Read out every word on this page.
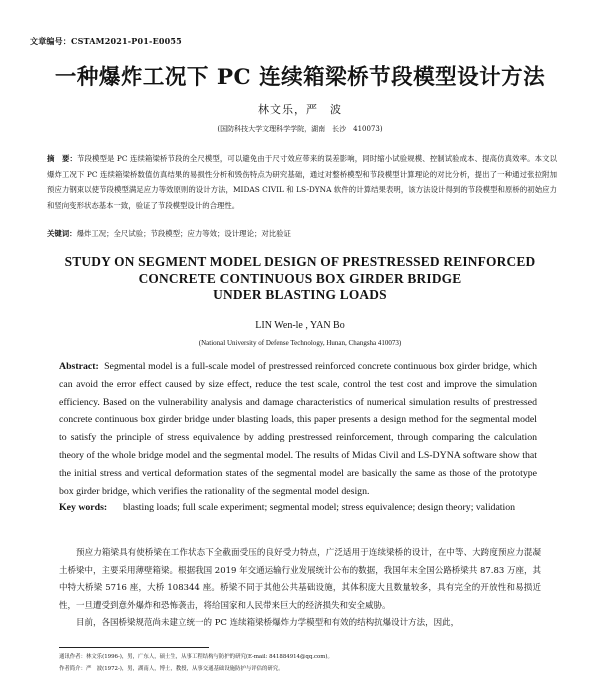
文章编号：CSTAM2021-P01-E0055
一种爆炸工况下 PC 连续箱梁桥节段模型设计方法
林文乐，严　波
(国防科技大学文理科学学院，湖南　长沙　410073)
摘　要：节段模型是 PC 连续箱梁桥节段的全尺模型，可以避免由于尺寸效应带来的误差影响，同时缩小试验规模、控制试验成本、提高仿真效率。本文以爆炸工况下 PC 连续箱梁桥数值仿真结果的易损性分析和毁伤特点为研究基础，通过对整桥模型和节段模型计算理论的对比分析，提出了一种通过张拉附加预应力钢束以使节段模型满足应力等效原则的设计方法，MIDAS CIVIL 和 LS-DYNA 软件的计算结果表明，该方法设计得到的节段模型和原桥的初始应力和竖向变形状态基本一致，验证了节段模型设计的合理性。
关键词：爆炸工况；全尺试验；节段模型；应力等效；设计理论；对比验证
STUDY ON SEGMENT MODEL DESIGN OF PRESTRESSED REINFORCED
CONCRETE CONTINUOUS BOX GIRDER BRIDGE
UNDER BLASTING LOADS
LIN Wen-le , YAN Bo
(National University of Defense Technology, Hunan, Changsha 410073)
Abstract: Segmental model is a full-scale model of prestressed reinforced concrete continuous box girder bridge, which can avoid the error effect caused by size effect, reduce the test scale, control the test cost and improve the simulation efficiency. Based on the vulnerability analysis and damage characteristics of numerical simulation results of prestressed concrete continuous box girder bridge under blasting loads, this paper presents a design method for the segmental model to satisfy the principle of stress equivalence by adding prestressed reinforcement, through comparing the calculation theory of the whole bridge model and the segmental model. The results of Midas Civil and LS-DYNA software show that the initial stress and vertical deformation states of the segmental model are basically the same as those of the prototype box girder bridge, which verifies the rationality of the segmental model design.
Key words:	blasting loads; full scale experiment; segmental model; stress equivalence; design theory; validation

预应力箱梁具有使桥梁在工作状态下全截面受压的良好受力特点，广泛适用于连续梁桥的设计，在中等、大跨度预应力混凝土桥梁中，主要采用薄壁箱梁。根据我国 2019 年交通运输行业发展统计公布的数据，我国年末全国公路桥梁共 87.83 万座，其中特大桥梁 5716 座，大桥 108344 座。桥梁不同于其他公共基础设施，其体积庞大且数量较多，具有完全的开放性和易损近性，一旦遭受到意外爆炸和恐怖袭击，将给国家和人民带来巨大的经济损失和安全威胁。

目前，各国桥梁规范尚未建立统一的 PC 连续箱梁桥爆炸力学模型和有效的结构抗爆设计方法，因此，

通讯作者：林文乐(1996-)，男，广东人，硕士生，从事工程结构与防护的研究(E-mail: 841884914@qq.com)。
作者简介：严　波(1972-)，男，湖南人，博士，教授，从事交通基础设施防护与评估的研究。
